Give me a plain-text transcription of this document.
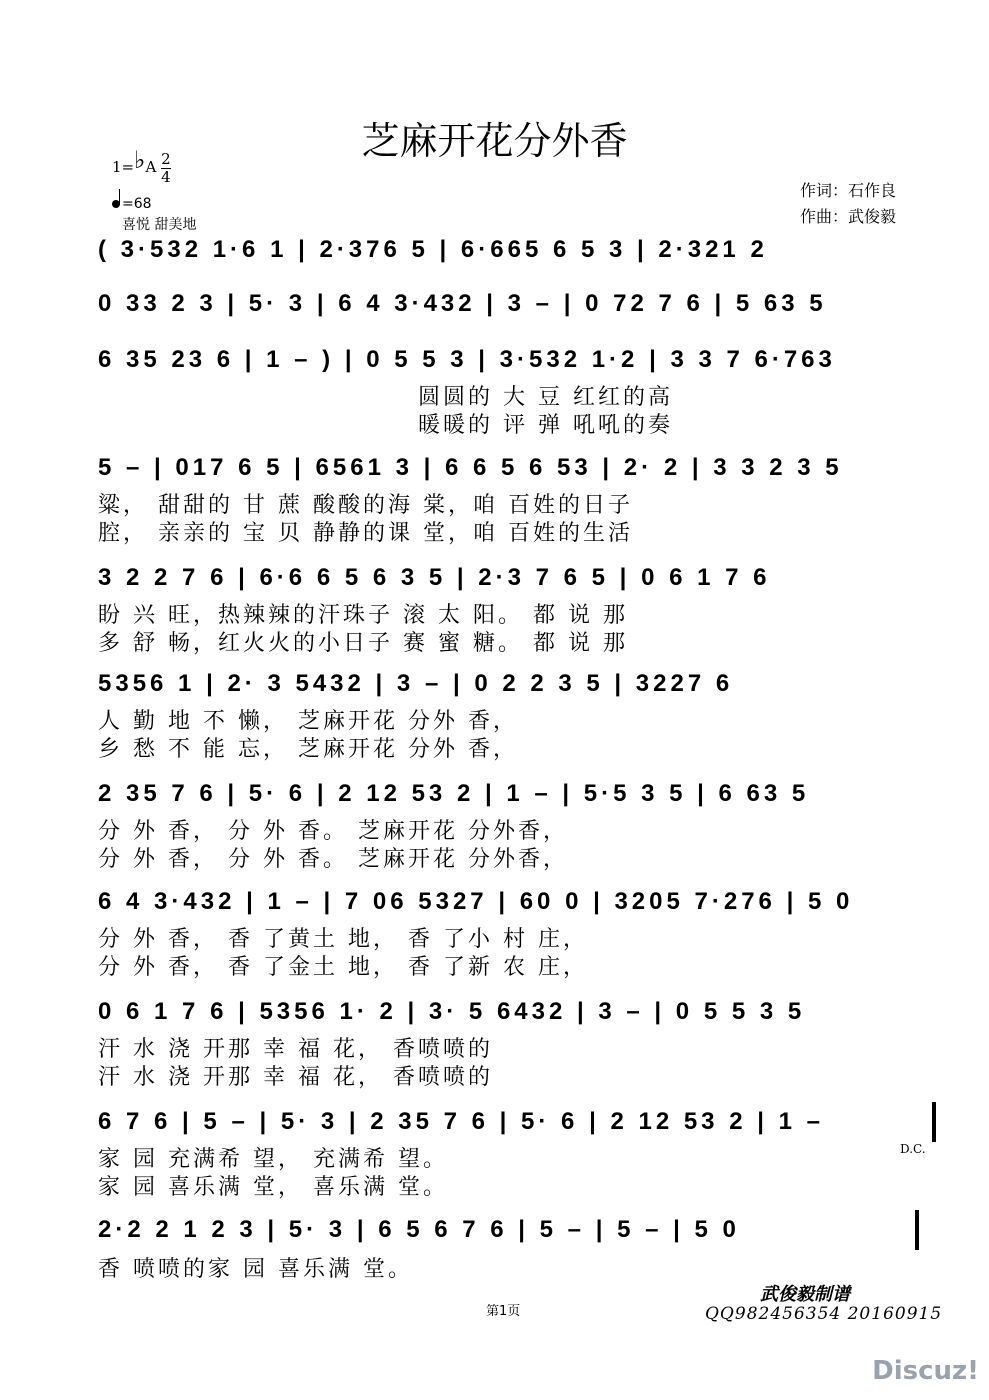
芝麻开花分外香
1=♭A $\frac{2}{4}$
=68
喜悦 甜美地
作词：石作良
作曲：武俊毅
( 3·532 1·6 1 | 2·376 5 | 6·665 6 5 3 | 2·321 2
0 33 2 3 | 5· 3 | 6 4 3·432 | 3 – | 0 72 7 6 | 5 63 5
6 35 23 6 | 1 – ) | 0 5 5 3 | 3·532 1·2 | 3 3 7 6·763
圆圆的 大 豆 红红的高
暖暖的 评 弹 吼吼的奏
5 – | 017 6 5 | 6561 3 | 6 6 5 6 53 | 2· 2 | 3 3 2 3 5
粱， 甜甜的 甘 蔗 酸酸的海 棠，咱 百姓的日子
腔， 亲亲的 宝 贝 静静的课 堂，咱 百姓的生活
3 2 2 7 6 | 6·6 6 5 6 3 5 | 2·3 7 6 5 | 0 6 1 7 6
盼 兴 旺，热辣辣的汗珠子 滚 太 阳。 都 说 那
多 舒 畅，红火火的小日子 赛 蜜 糖。 都 说 那
5356 1 | 2· 3 5432 | 3 – | 0 2 2 3 5 | 3227 6
人 勤 地 不 懒， 芝麻开花 分外 香，
乡 愁 不 能 忘， 芝麻开花 分外 香，
2 35 7 6 | 5· 6 | 2 12 53 2 | 1 – | 5·5 3 5 | 6 63 5
分 外 香， 分 外 香。 芝麻开花 分外香，
分 外 香， 分 外 香。 芝麻开花 分外香，
6 4 3·432 | 1 – | 7 06 5327 | 60 0 | 3205 7·276 | 5 0
分 外 香， 香 了黄土 地， 香 了小 村 庄，
分 外 香， 香 了金土 地， 香 了新 农 庄，
0 6 1 7 6 | 5356 1· 2 | 3· 5 6432 | 3 – | 0 5 5 3 5
汗 水 浇 开那 幸 福 花， 香喷喷的
汗 水 浇 开那 幸 福 花， 香喷喷的
6 7 6 | 5 – | 5· 3 | 2 35 7 6 | 5· 6 | 2 12 53 2 | 1 –
家 园 充满希 望， 充满希 望。
家 园 喜乐满 堂， 喜乐满 堂。
D.C.
2·2 2 1 2 3 | 5· 3 | 6 5 6 7 6 | 5 – | 5 – | 5 0
香 喷喷的家 园 喜乐满 堂。
武俊毅制谱
QQ982456354 20160915
第1页
Discuz!
